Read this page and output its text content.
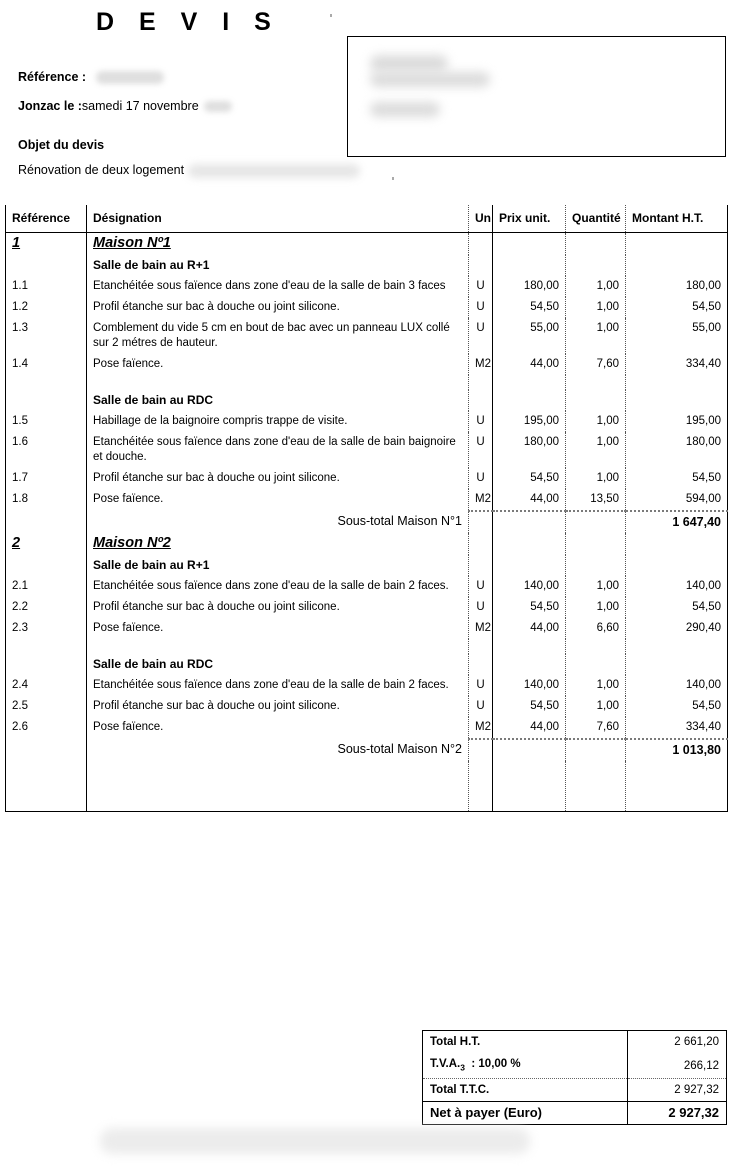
D E V I S
Référence :
Jonzac le :samedi 17 novembre
Objet du devis
Rénovation de deux logement
Référence	Désignation	Un	Prix unit.	Quantité	Montant H.T.
1	Maison Nº1				
	Salle de bain au R+1				
1.1	Etanchéitée sous faïence dans zone d'eau de la salle de bain 3 faces	U	180,00	1,00	180,00
1.2	Profil étanche sur bac à douche ou joint silicone.	U	54,50	1,00	54,50
1.3	Comblement du vide 5 cm en bout de bac avec un panneau LUX collé sur 2 métres de hauteur.	U	55,00	1,00	55,00
1.4	Pose faïence.	M2	44,00	7,60	334,40

	Salle de bain au RDC				
1.5	Habillage de la baignoire compris trappe de visite.	U	195,00	1,00	195,00
1.6	Etanchéitée sous faïence dans zone d'eau de la salle de bain baignoire et douche.	U	180,00	1,00	180,00
1.7	Profil étanche sur bac à douche ou joint silicone.	U	54,50	1,00	54,50
1.8	Pose faïence.	M2	44,00	13,50	594,00
	Sous-total Maison N°1				1 647,40
2	Maison Nº2				
	Salle de bain au R+1				
2.1	Etanchéitée sous faïence dans zone d'eau de la salle de bain 2 faces.	U	140,00	1,00	140,00
2.2	Profil étanche sur bac à douche ou joint silicone.	U	54,50	1,00	54,50
2.3	Pose faïence.	M2	44,00	6,60	290,40

	Salle de bain au RDC				
2.4	Etanchéitée sous faïence dans zone d'eau de la salle de bain 2 faces.	U	140,00	1,00	140,00
2.5	Profil étanche sur bac à douche ou joint silicone.	U	54,50	1,00	54,50
2.6	Pose faïence.	M2	44,00	7,60	334,40
	Sous-total Maison N°2				1 013,80

Total H.T.	2 661,20
$T.V.A._3$ : 10,00 %	266,12
Total T.T.C.	2 927,32
Net à payer (Euro)	2 927,32
